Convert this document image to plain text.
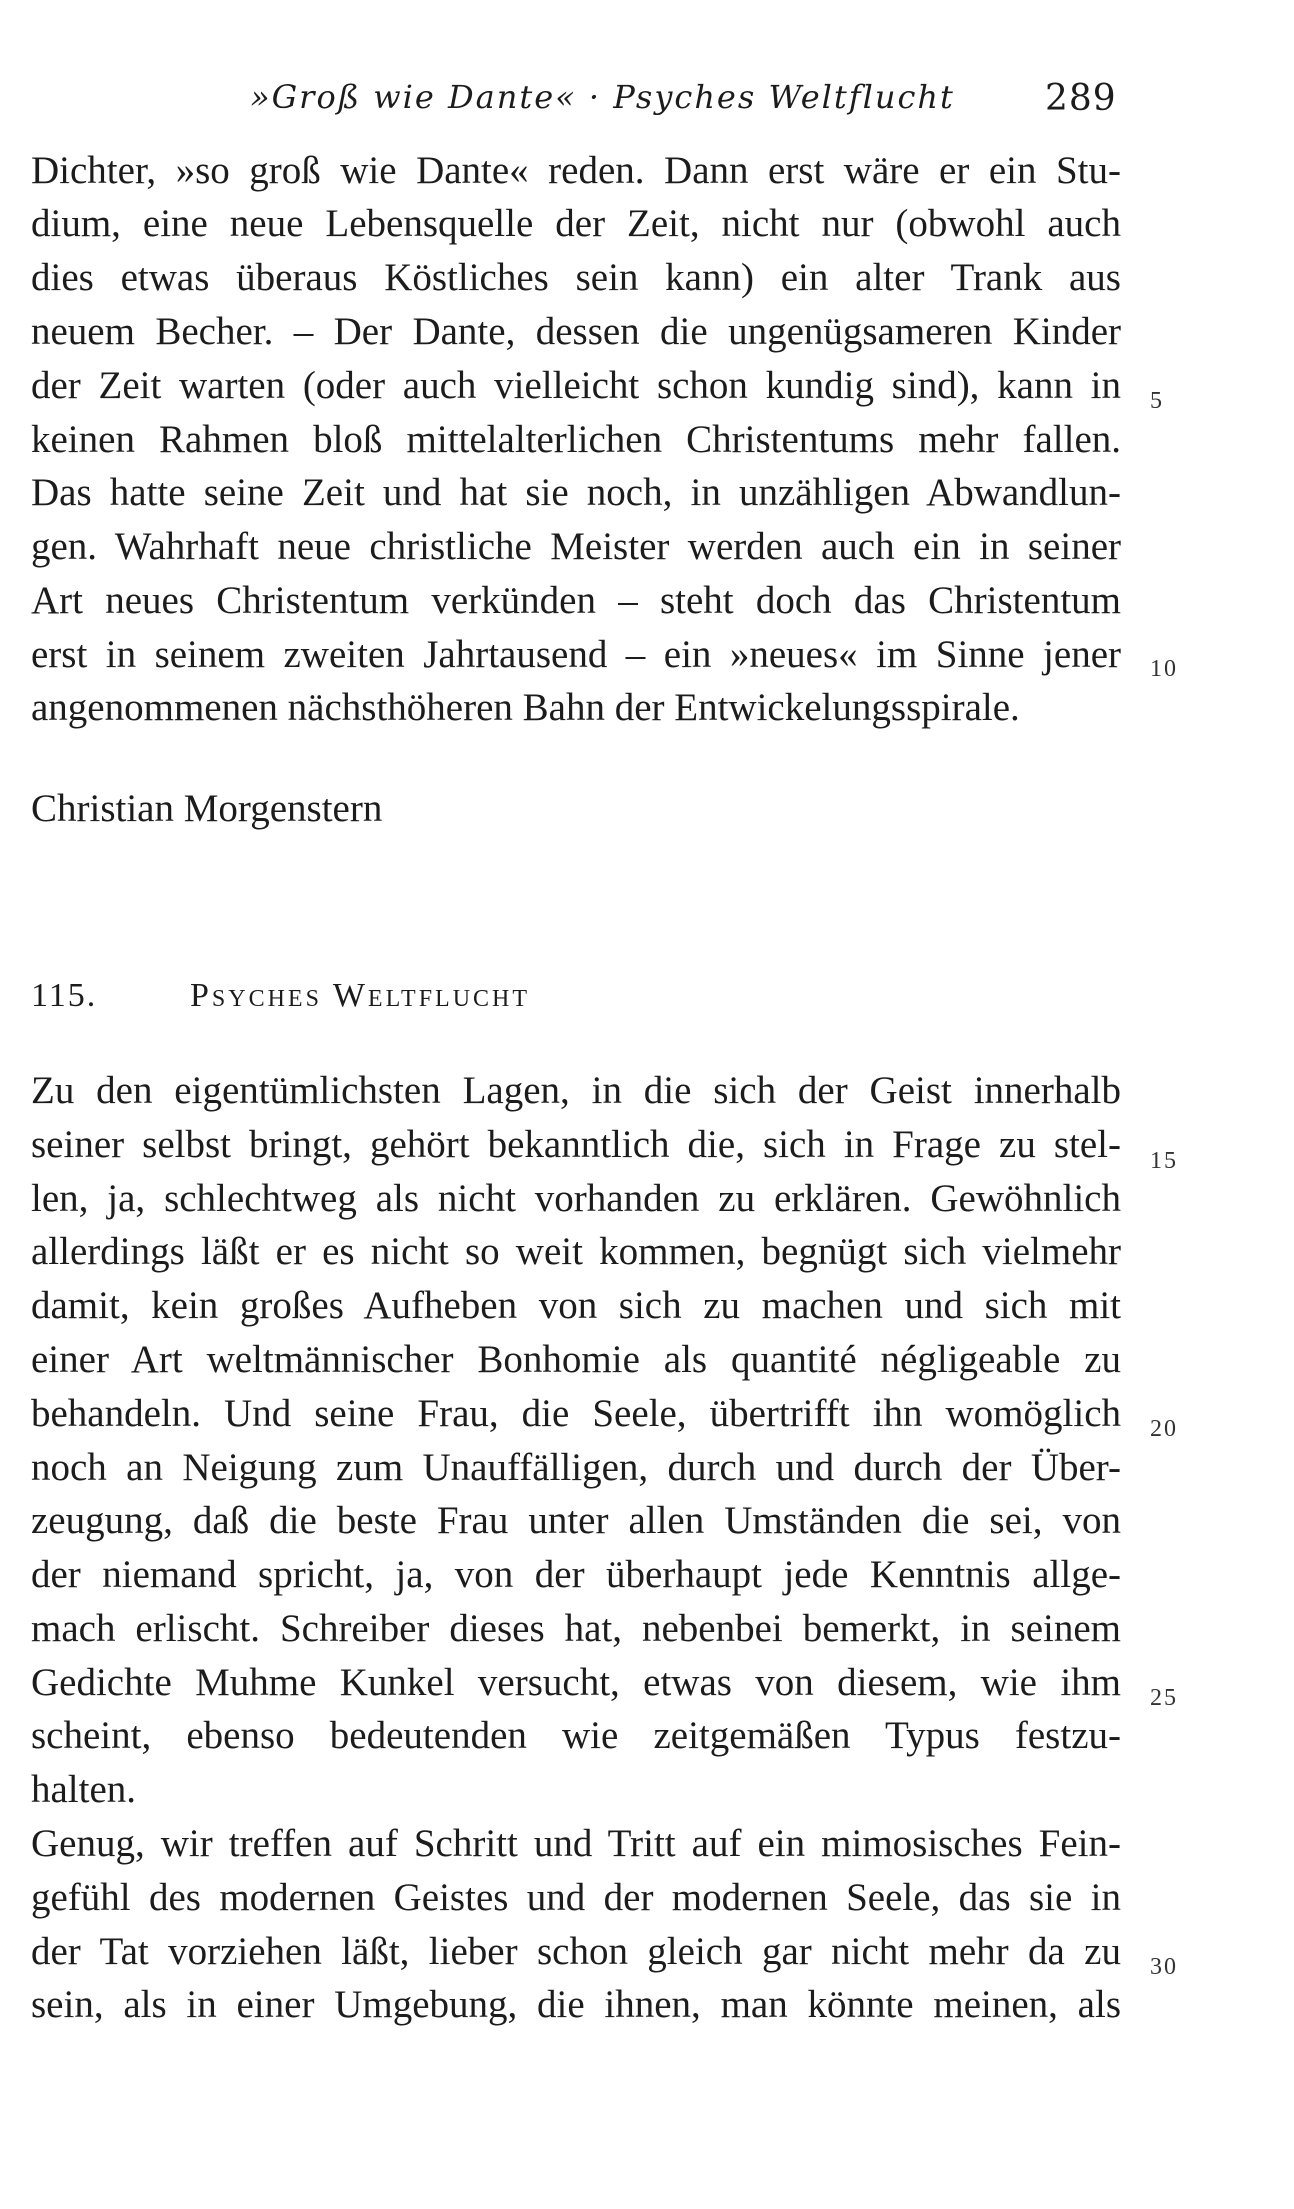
»Groß wie Dante« · Psyches Weltflucht	289
Dichter, »so groß wie Dante« reden. Dann erst wäre er ein Stu-
dium, eine neue Lebensquelle der Zeit, nicht nur (obwohl auch
dies etwas überaus Köstliches sein kann) ein alter Trank aus
neuem Becher. – Der Dante, dessen die ungenügsameren Kinder
der Zeit warten (oder auch vielleicht schon kundig sind), kann in
keinen Rahmen bloß mittelalterlichen Christentums mehr fallen.
Das hatte seine Zeit und hat sie noch, in unzähligen Abwandlun-
gen. Wahrhaft neue christliche Meister werden auch ein in seiner
Art neues Christentum verkünden – steht doch das Christentum
erst in seinem zweiten Jahrtausend – ein »neues« im Sinne jener
angenommenen nächsthöheren Bahn der Entwickelungsspirale.
Christian Morgenstern
115.	Psyches Weltflucht
Zu den eigentümlichsten Lagen, in die sich der Geist innerhalb
seiner selbst bringt, gehört bekanntlich die, sich in Frage zu stel-
len, ja, schlechtweg als nicht vorhanden zu erklären. Gewöhnlich
allerdings läßt er es nicht so weit kommen, begnügt sich vielmehr
damit, kein großes Aufheben von sich zu machen und sich mit
einer Art weltmännischer Bonhomie als quantité négligeable zu
behandeln. Und seine Frau, die Seele, übertrifft ihn womöglich
noch an Neigung zum Unauffälligen, durch und durch der Über-
zeugung, daß die beste Frau unter allen Umständen die sei, von
der niemand spricht, ja, von der überhaupt jede Kenntnis allge-
mach erlischt. Schreiber dieses hat, nebenbei bemerkt, in seinem
Gedichte Muhme Kunkel versucht, etwas von diesem, wie ihm
scheint, ebenso bedeutenden wie zeitgemäßen Typus festzu-
halten.
Genug, wir treffen auf Schritt und Tritt auf ein mimosisches Fein-
gefühl des modernen Geistes und der modernen Seele, das sie in
der Tat vorziehen läßt, lieber schon gleich gar nicht mehr da zu
sein, als in einer Umgebung, die ihnen, man könnte meinen, als
5
10
15
20
25
30
